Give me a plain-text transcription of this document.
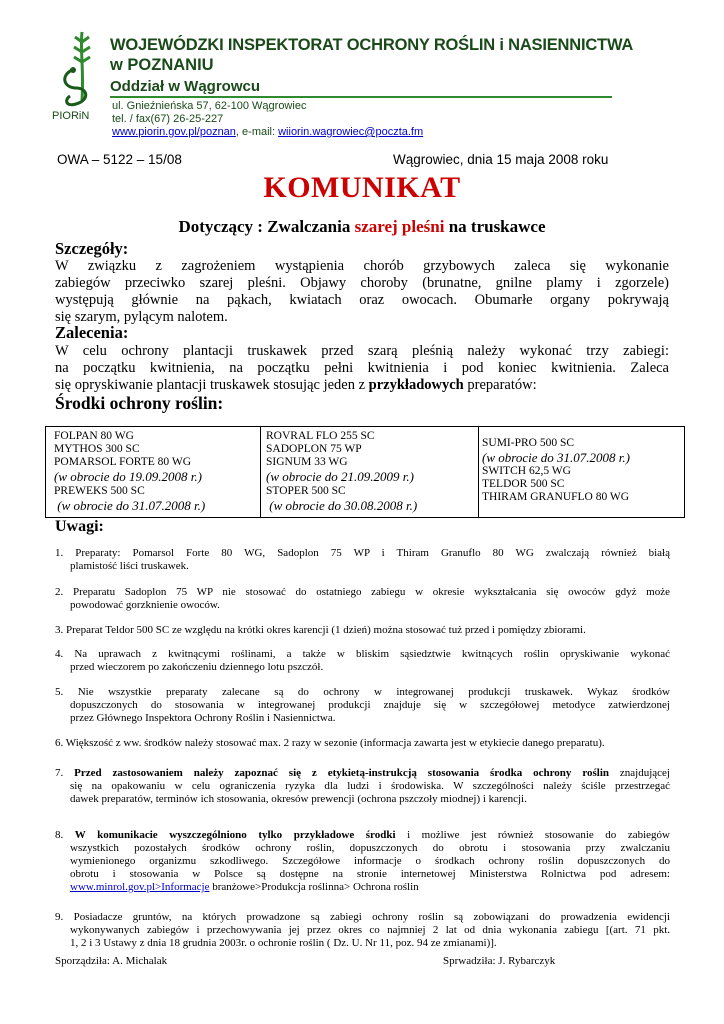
PIORiN
WOJEWÓDZKI INSPEKTORAT OCHRONY ROŚLIN i NASIENNICTWA
w POZNANIU
Oddział w Wągrowcu
ul. Gnieźnieńska 57, 62-100 Wągrowiec
tel. / fax(67) 26-25-227
www.piorin.gov.pl/poznan, e-mail: wiiorin.wagrowiec@poczta.fm
OWA – 5122 – 15/08	Wągrowiec, dnia 15 maja 2008 roku
KOMUNIKAT
Dotyczący : Zwalczania szarej pleśni na truskawce
Szczegóły:
W związku z zagrożeniem wystąpienia chorób grzybowych zaleca się wykonanie
zabiegów przeciwko szarej pleśni. Objawy choroby (brunatne, gnilne plamy i zgorzele)
występują głównie na pąkach, kwiatach oraz owocach. Obumarłe organy pokrywają
się szarym, pylącym nalotem.
Zalecenia:
W celu ochrony plantacji truskawek przed szarą pleśnią należy wykonać trzy zabiegi:
na początku kwitnienia, na początku pełni kwitnienia i pod koniec kwitnienia. Zaleca
się opryskiwanie plantacji truskawek stosując jeden z przykładowych preparatów:
Środki ochrony roślin:
FOLPAN 80 WG
MYTHOS 300 SC
POMARSOL FORTE 80 WG
(w obrocie do 19.09.2008 r.)
PREWEKS 500 SC
(w obrocie do 31.07.2008 r.)
ROVRAL FLO 255 SC
SADOPLON 75 WP
SIGNUM 33 WG
(w obrocie do 21.09.2009 r.)
STOPER 500 SC
(w obrocie do 30.08.2008 r.)
SUMI-PRO 500 SC
(w obrocie do 31.07.2008 r.)
SWITCH 62,5 WG
TELDOR 500 SC
THIRAM GRANUFLO 80 WG
Uwagi:
1. Preparaty: Pomarsol Forte 80 WG, Sadoplon 75 WP i Thiram Granuflo 80 WG zwalczają również białą
plamistość liści truskawek.
2. Preparatu Sadoplon 75 WP nie stosować do ostatniego zabiegu w okresie wykształcania się owoców gdyż może
powodować gorzknienie owoców.
3. Preparat Teldor 500 SC ze względu na krótki okres karencji (1 dzień) można stosować tuż przed i pomiędzy zbiorami.
4. Na uprawach z kwitnącymi roślinami, a także w bliskim sąsiedztwie kwitnących roślin opryskiwanie wykonać
przed wieczorem po zakończeniu dziennego lotu pszczół.
5. Nie wszystkie preparaty zalecane są do ochrony w integrowanej produkcji truskawek. Wykaz środków
dopuszczonych do stosowania w integrowanej produkcji znajduje się w szczegółowej metodyce zatwierdzonej
przez Głównego Inspektora Ochrony Roślin i Nasiennictwa.
6. Większość z ww. środków należy stosować max. 2 razy w sezonie (informacja zawarta jest w etykiecie danego preparatu).
7. Przed zastosowaniem należy zapoznać się z etykietą-instrukcją stosowania środka ochrony roślin znajdującej
się na opakowaniu w celu ograniczenia ryzyka dla ludzi i środowiska. W szczególności należy ściśle przestrzegać
dawek preparatów, terminów ich stosowania, okresów prewencji (ochrona pszczoły miodnej) i karencji.
8. W komunikacie wyszczególniono tylko przykładowe środki i możliwe jest również stosowanie do zabiegów
wszystkich pozostałych środków ochrony roślin, dopuszczonych do obrotu i stosowania przy zwalczaniu
wymienionego organizmu szkodliwego. Szczegółowe informacje o środkach ochrony roślin dopuszczonych do
obrotu i stosowania w Polsce są dostępne na stronie internetowej Ministerstwa Rolnictwa pod adresem:
www.minrol.gov.pl>Informacje branżowe>Produkcja roślinna> Ochrona roślin
9. Posiadacze gruntów, na których prowadzone są zabiegi ochrony roślin są zobowiązani do prowadzenia ewidencji
wykonywanych zabiegów i przechowywania jej przez okres co najmniej 2 lat od dnia wykonania zabiegu [(art. 71 pkt.
1, 2 i 3 Ustawy z dnia 18 grudnia 2003r. o ochronie roślin ( Dz. U. Nr 11, poz. 94 ze zmianami)].
Sporządziła: A. Michalak	Sprwadziła: J. Rybarczyk
